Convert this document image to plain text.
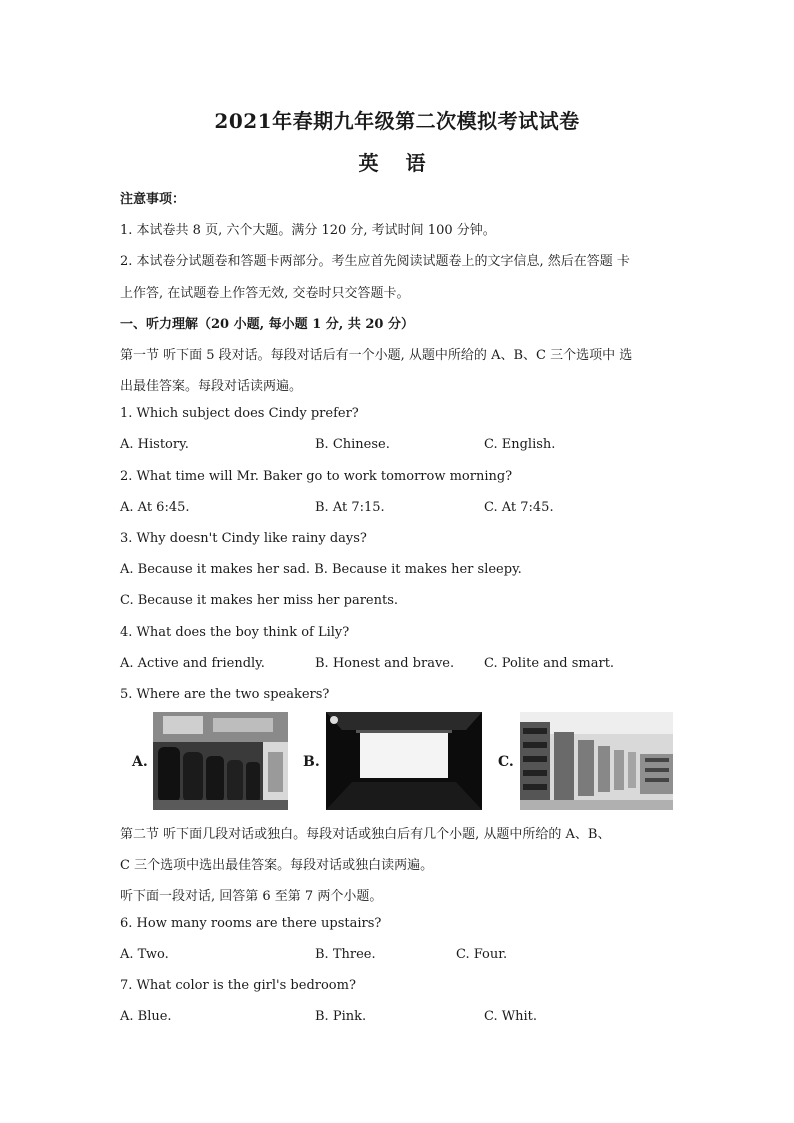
2021年春期九年级第二次模拟考试试卷
英 语
注意事项：
1. 本试卷共 8 页, 六个大题。满分 120 分, 考试时间 100 分钟。
2. 本试卷分试题卷和答题卡两部分。考生应首先阅读试题卷上的文字信息, 然后在答题 卡
上作答, 在试题卷上作答无效, 交卷时只交答题卡。
一、听力理解（20 小题, 每小题 1 分, 共 20 分）
第一节 听下面 5 段对话。每段对话后有一个小题, 从题中所给的 A、B、C 三个选项中 选
出最佳答案。每段对话读两遍。
1. Which subject does Cindy prefer?
A. History.	B. Chinese.	C. English.
2. What time will Mr. Baker go to work tomorrow morning?
A. At 6:45.	B. At 7:15.	C. At 7:45.
3. Why doesn't Cindy like rainy days?
A. Because it makes her sad. B. Because it makes her sleepy.
C. Because it makes her miss her parents.
4. What does the boy think of Lily?
A. Active and friendly.	B. Honest and brave. C. Polite and smart.
5. Where are the two speakers?
A.	B.	C.
第二节 听下面几段对话或独白。每段对话或独白后有几个小题, 从题中所给的 A、B、
C 三个选项中选出最佳答案。每段对话或独白读两遍。
听下面一段对话, 回答第 6 至第 7 两个小题。
6. How many rooms are there upstairs?
A. Two.	B. Three.	C. Four.
7. What color is the girl's bedroom?
A. Blue.	B. Pink.	C. Whit.
